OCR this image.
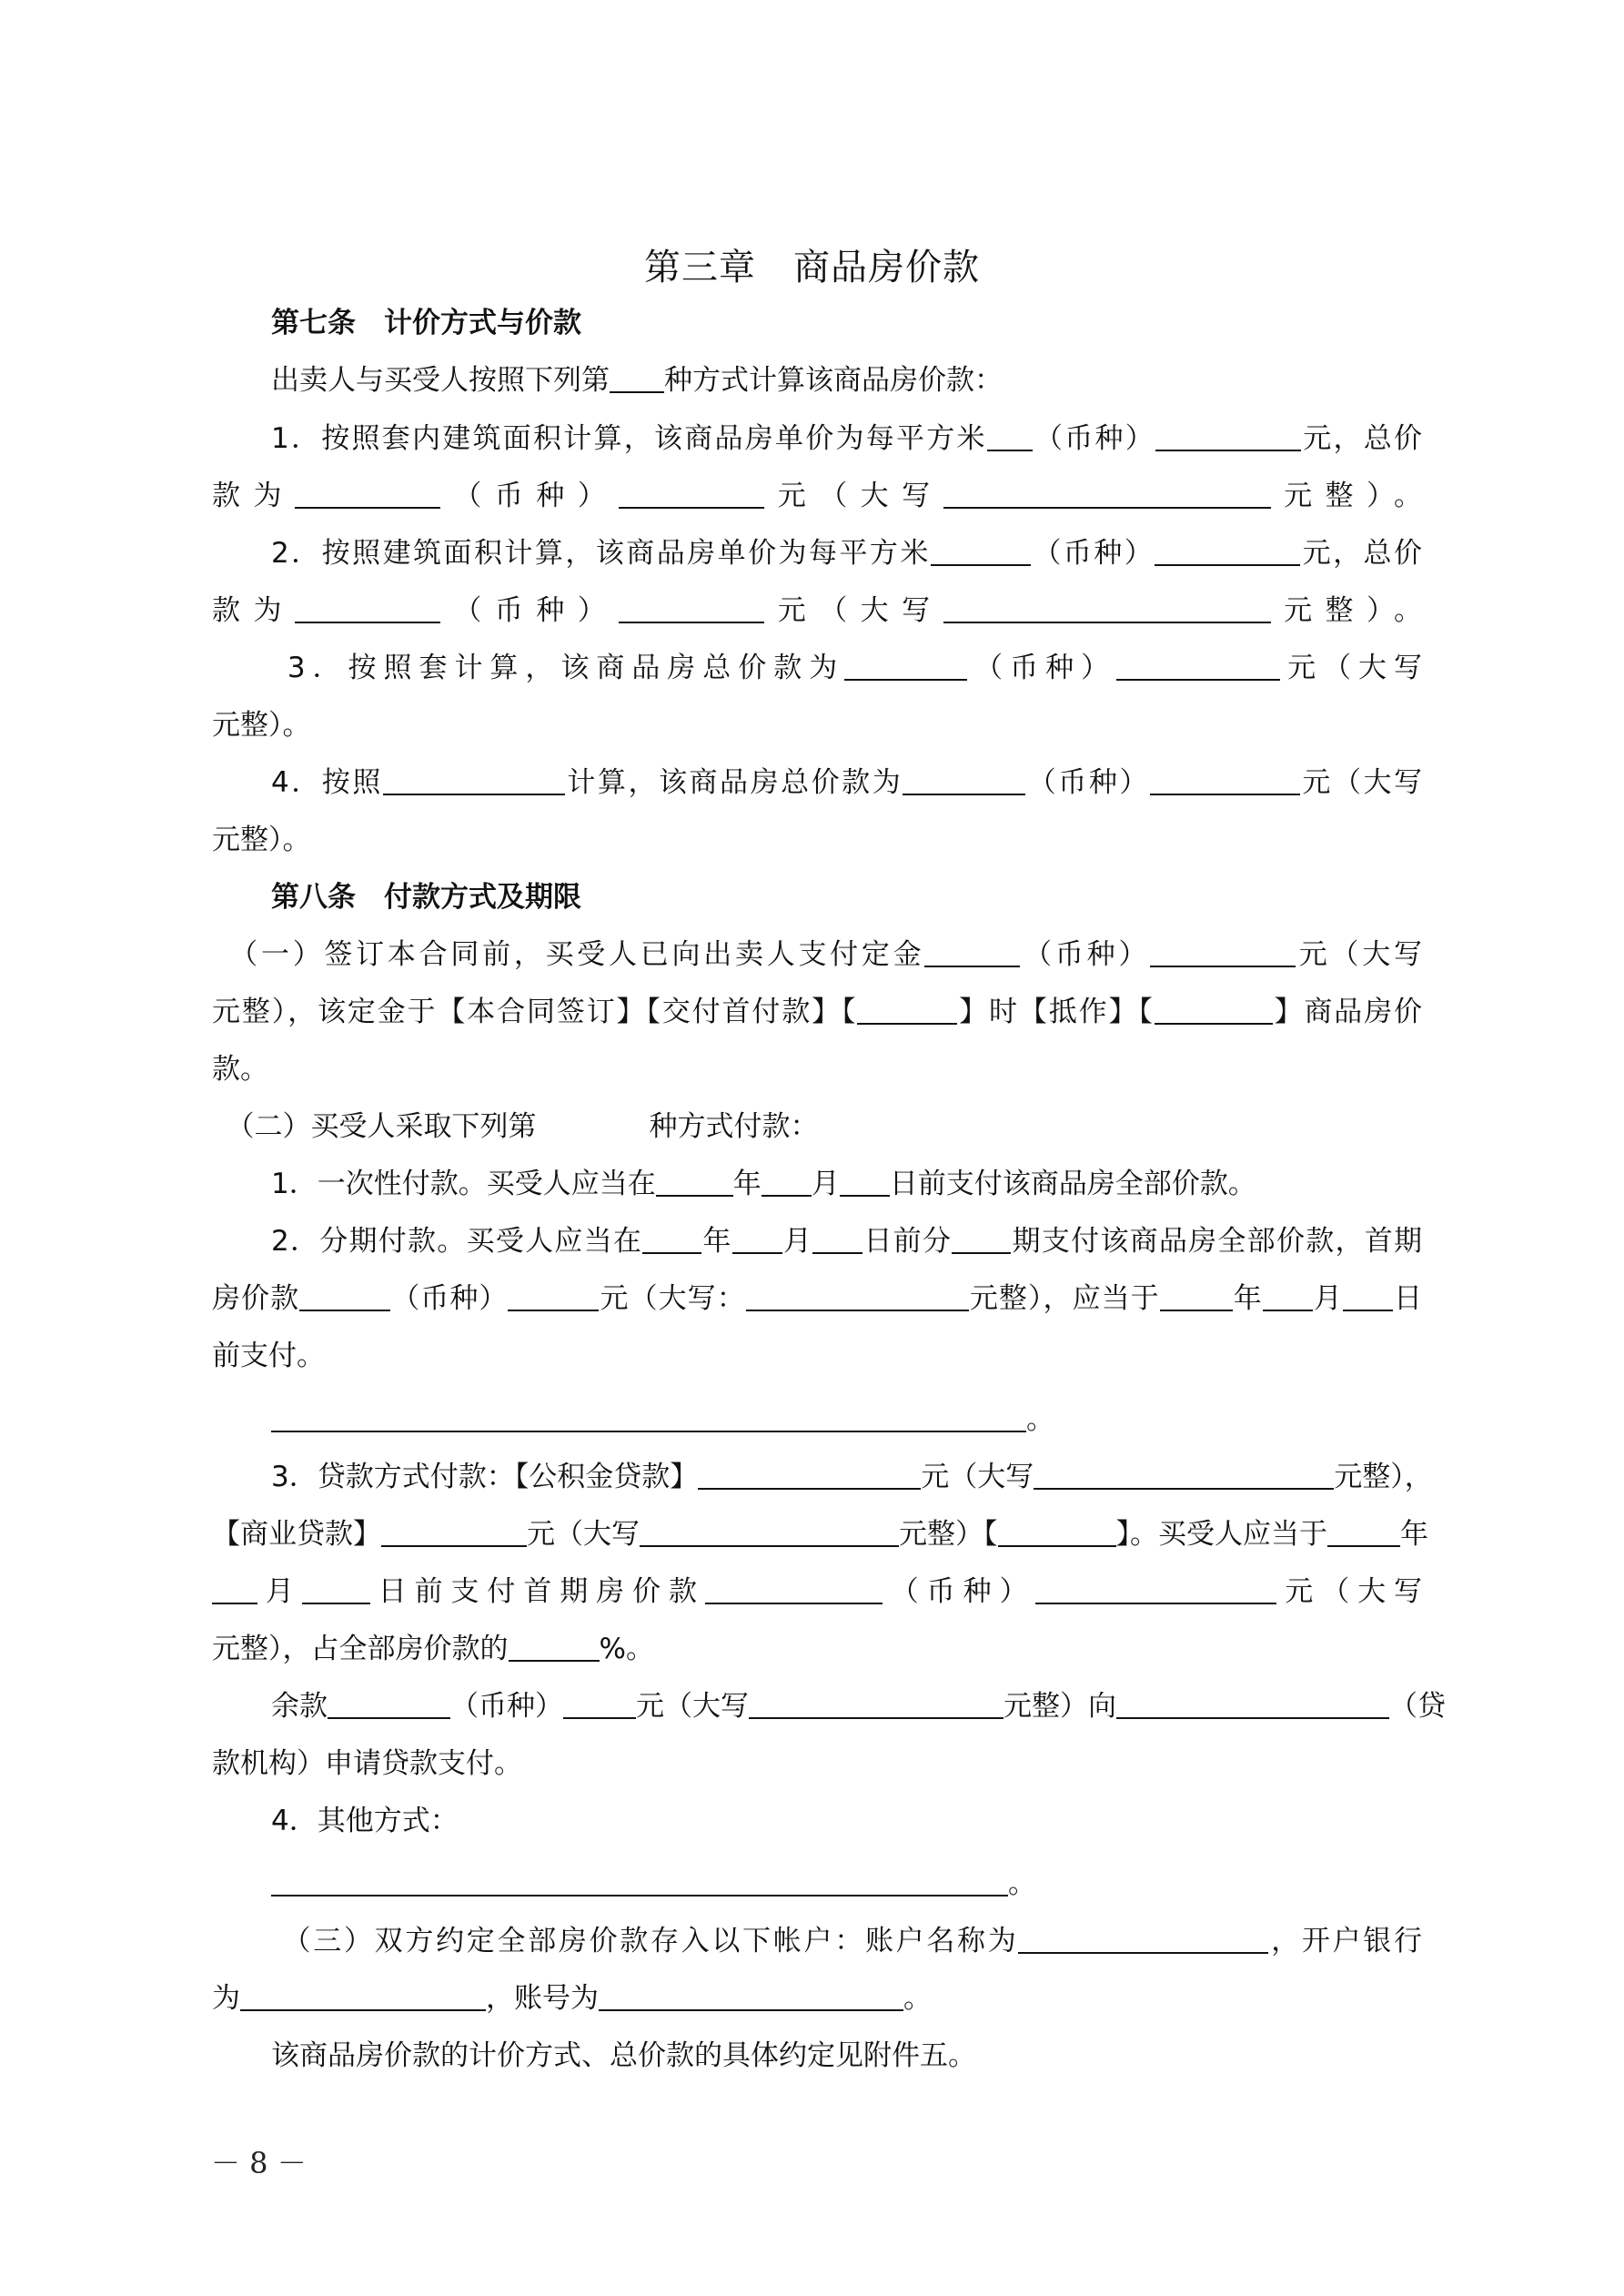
第三章　商品房价款
第七条　计价方式与价款
出卖人与买受人按照下列第 种方式计算该商品房价款：
1．按照套内建筑面积计算，该商品房单价为每平方米 （币种）	元，总价
款为	（币种）	元（大写	元整）。
2．按照建筑面积计算，该商品房单价为每平方米	（币种）	元，总价
款为	（币种）	元（大写	元整）。
3．按照套计算，该商品房总价款为	（币种）	元（大写
元整）。
4．按照	计算，该商品房总价款为	（币种）	元（大写
元整）。
第八条　付款方式及期限
　（一）签订本合同前，买受人已向出卖人支付定金	（币种）	元（大写
元整），该定金于【本合同签订】【交付首付款】【	】时【抵作】【	】商品房价
款。
　（二）买受人采取下列第　　　　种方式付款：
1．一次性付款。买受人应当在	年 月 日前支付该商品房全部价款。
2．分期付款。买受人应当在 年 月 日前分 期支付该商品房全部价款，首期
房价款	（币种）	元（大写：	元整），应当于	年 月 日
前支付。
。
3．贷款方式付款：【公积金贷款】	元（大写	元整），
【商业贷款】	元（大写	元整）【	】。买受人应当于	年
月 日前支付首期房价款	（币种）	元（大写
元整），占全部房价款的	%。
余款	（币种）	元（大写	元整）向	（贷
款机构）申请贷款支付。
4．其他方式：
。
（三）双方约定全部房价款存入以下帐户：账户名称为	，开户银行
为	，账号为	。
该商品房价款的计价方式、总价款的具体约定见附件五。
－ 8 －
